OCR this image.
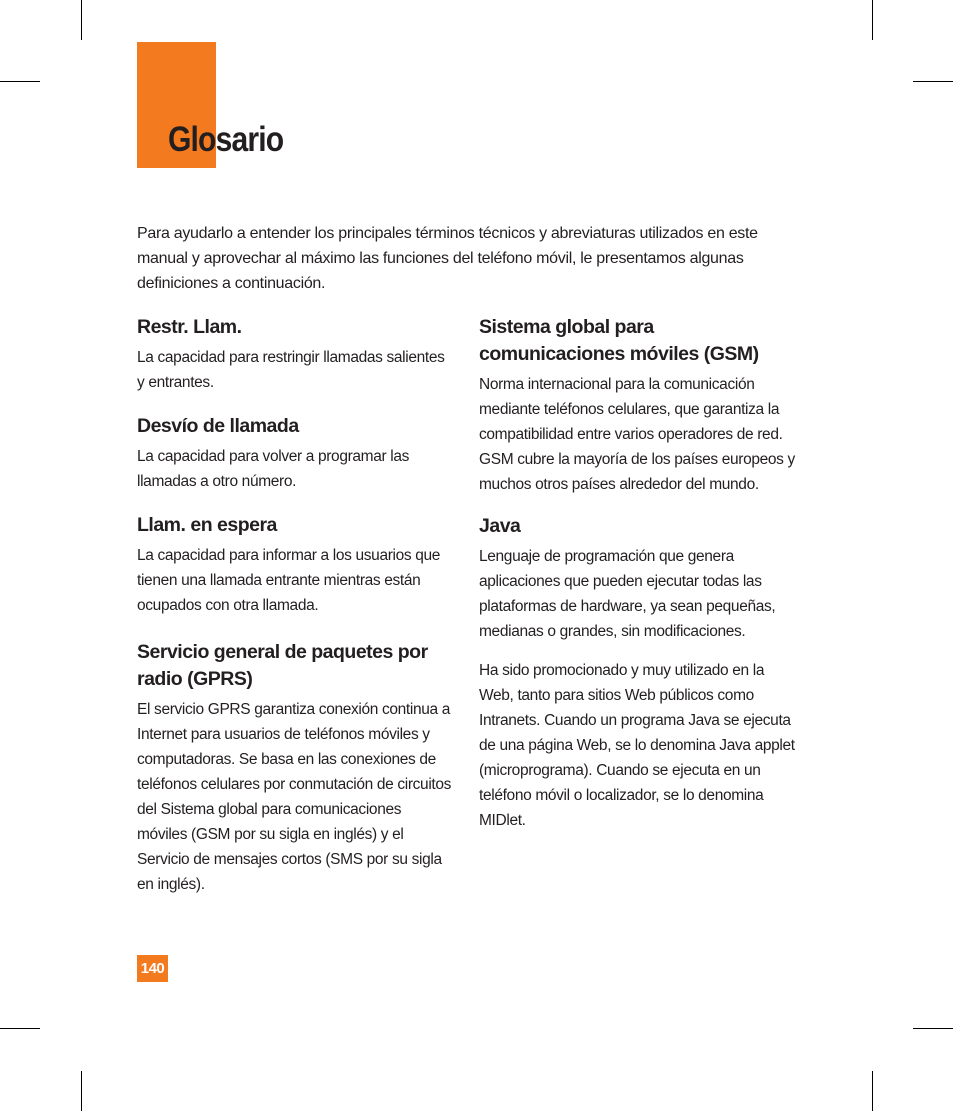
Glosario

Para ayudarlo a entender los principales términos técnicos y abreviaturas utilizados en este manual y aprovechar al máximo las funciones del teléfono móvil, le presentamos algunas definiciones a continuación.

Restr. Llam.

La capacidad para restringir llamadas salientes y entrantes.

Desvío de llamada

La capacidad para volver a programar las llamadas a otro número.

Llam. en espera

La capacidad para informar a los usuarios que tienen una llamada entrante mientras están ocupados con otra llamada.

Servicio general de paquetes por radio (GPRS)

El servicio GPRS garantiza conexión continua a Internet para usuarios de teléfonos móviles y computadoras. Se basa en las conexiones de teléfonos celulares por conmutación de circuitos del Sistema global para comunicaciones móviles (GSM por su sigla en inglés) y el Servicio de mensajes cortos (SMS por su sigla en inglés).

Sistema global para comunicaciones móviles (GSM)

Norma internacional para la comunicación mediante teléfonos celulares, que garantiza la compatibilidad entre varios operadores de red. GSM cubre la mayoría de los países europeos y muchos otros países alrededor del mundo.

Java

Lenguaje de programación que genera aplicaciones que pueden ejecutar todas las plataformas de hardware, ya sean pequeñas, medianas o grandes, sin modificaciones.

Ha sido promocionado y muy utilizado en la Web, tanto para sitios Web públicos como Intranets. Cuando un programa Java se ejecuta de una página Web, se lo denomina Java applet (microprograma). Cuando se ejecuta en un teléfono móvil o localizador, se lo denomina MIDlet.

140
